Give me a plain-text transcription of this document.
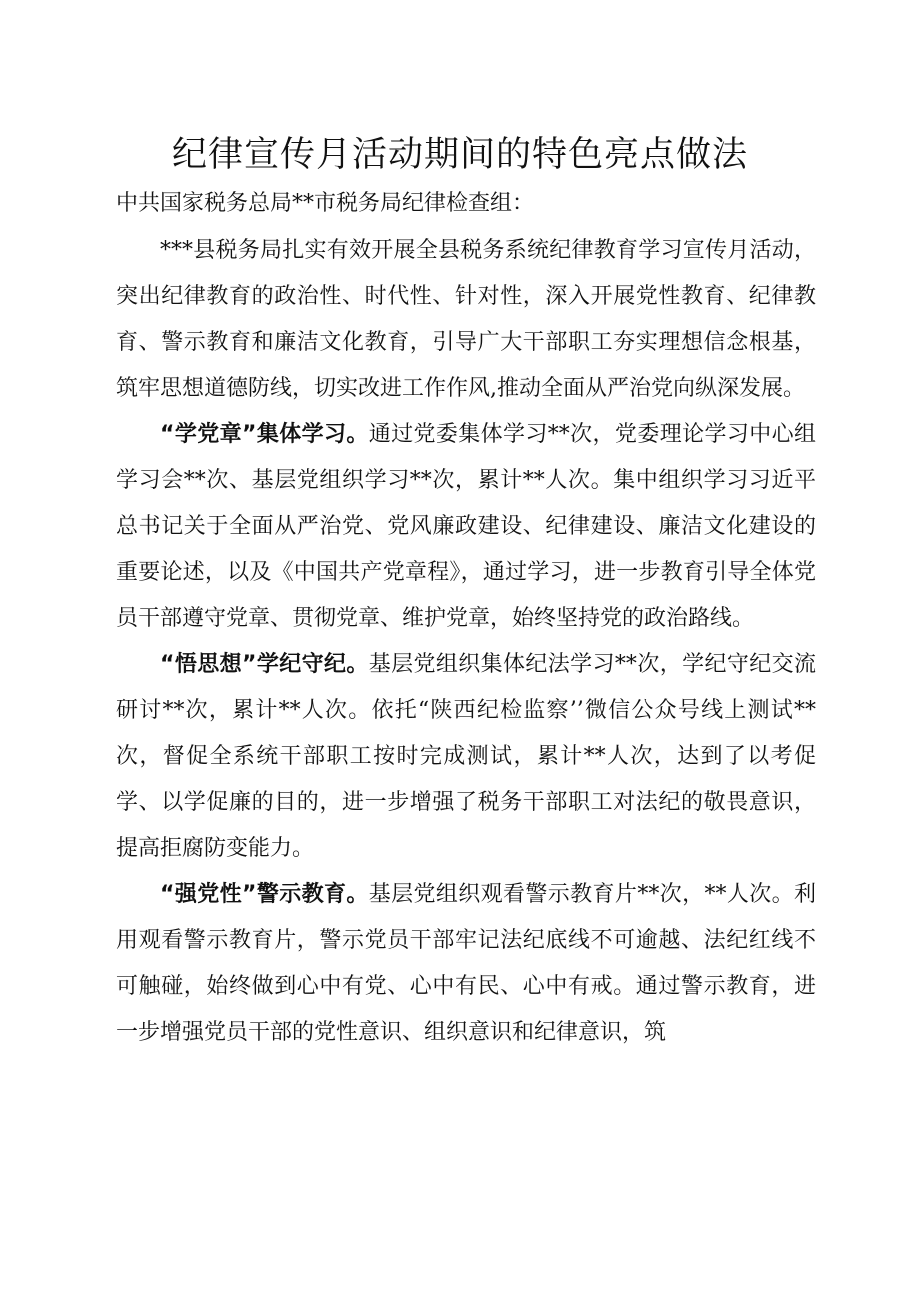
纪律宣传月活动期间的特色亮点做法
中共国家税务总局**市税务局纪律检查组：

***县税务局扎实有效开展全县税务系统纪律教育学习宣传月活动，突出纪律教育的政治性、时代性、针对性，深入开展党性教育、纪律教育、警示教育和廉洁文化教育，引导广大干部职工夯实理想信念根基，筑牢思想道德防线，切实改进工作作风,推动全面从严治党向纵深发展。

“学党章”集体学习。通过党委集体学习**次，党委理论学习中心组学习会**次、基层党组织学习**次，累计**人次。集中组织学习习近平总书记关于全面从严治党、党风廉政建设、纪律建设、廉洁文化建设的重要论述，以及《中国共产党章程》，通过学习，进一步教育引导全体党员干部遵守党章、贯彻党章、维护党章，始终坚持党的政治路线。

“悟思想”学纪守纪。基层党组织集体纪法学习**次，学纪守纪交流研讨**次，累计**人次。依托“陕西纪检监察’’微信公众号线上测试**次，督促全系统干部职工按时完成测试，累计**人次，达到了以考促学、以学促廉的目的，进一步增强了税务干部职工对法纪的敬畏意识，提高拒腐防变能力。

“强党性”警示教育。基层党组织观看警示教育片**次，**人次。利用观看警示教育片，警示党员干部牢记法纪底线不可逾越、法纪红线不可触碰，始终做到心中有党、心中有民、心中有戒。通过警示教育，进一步增强党员干部的党性意识、组织意识和纪律意识，筑
